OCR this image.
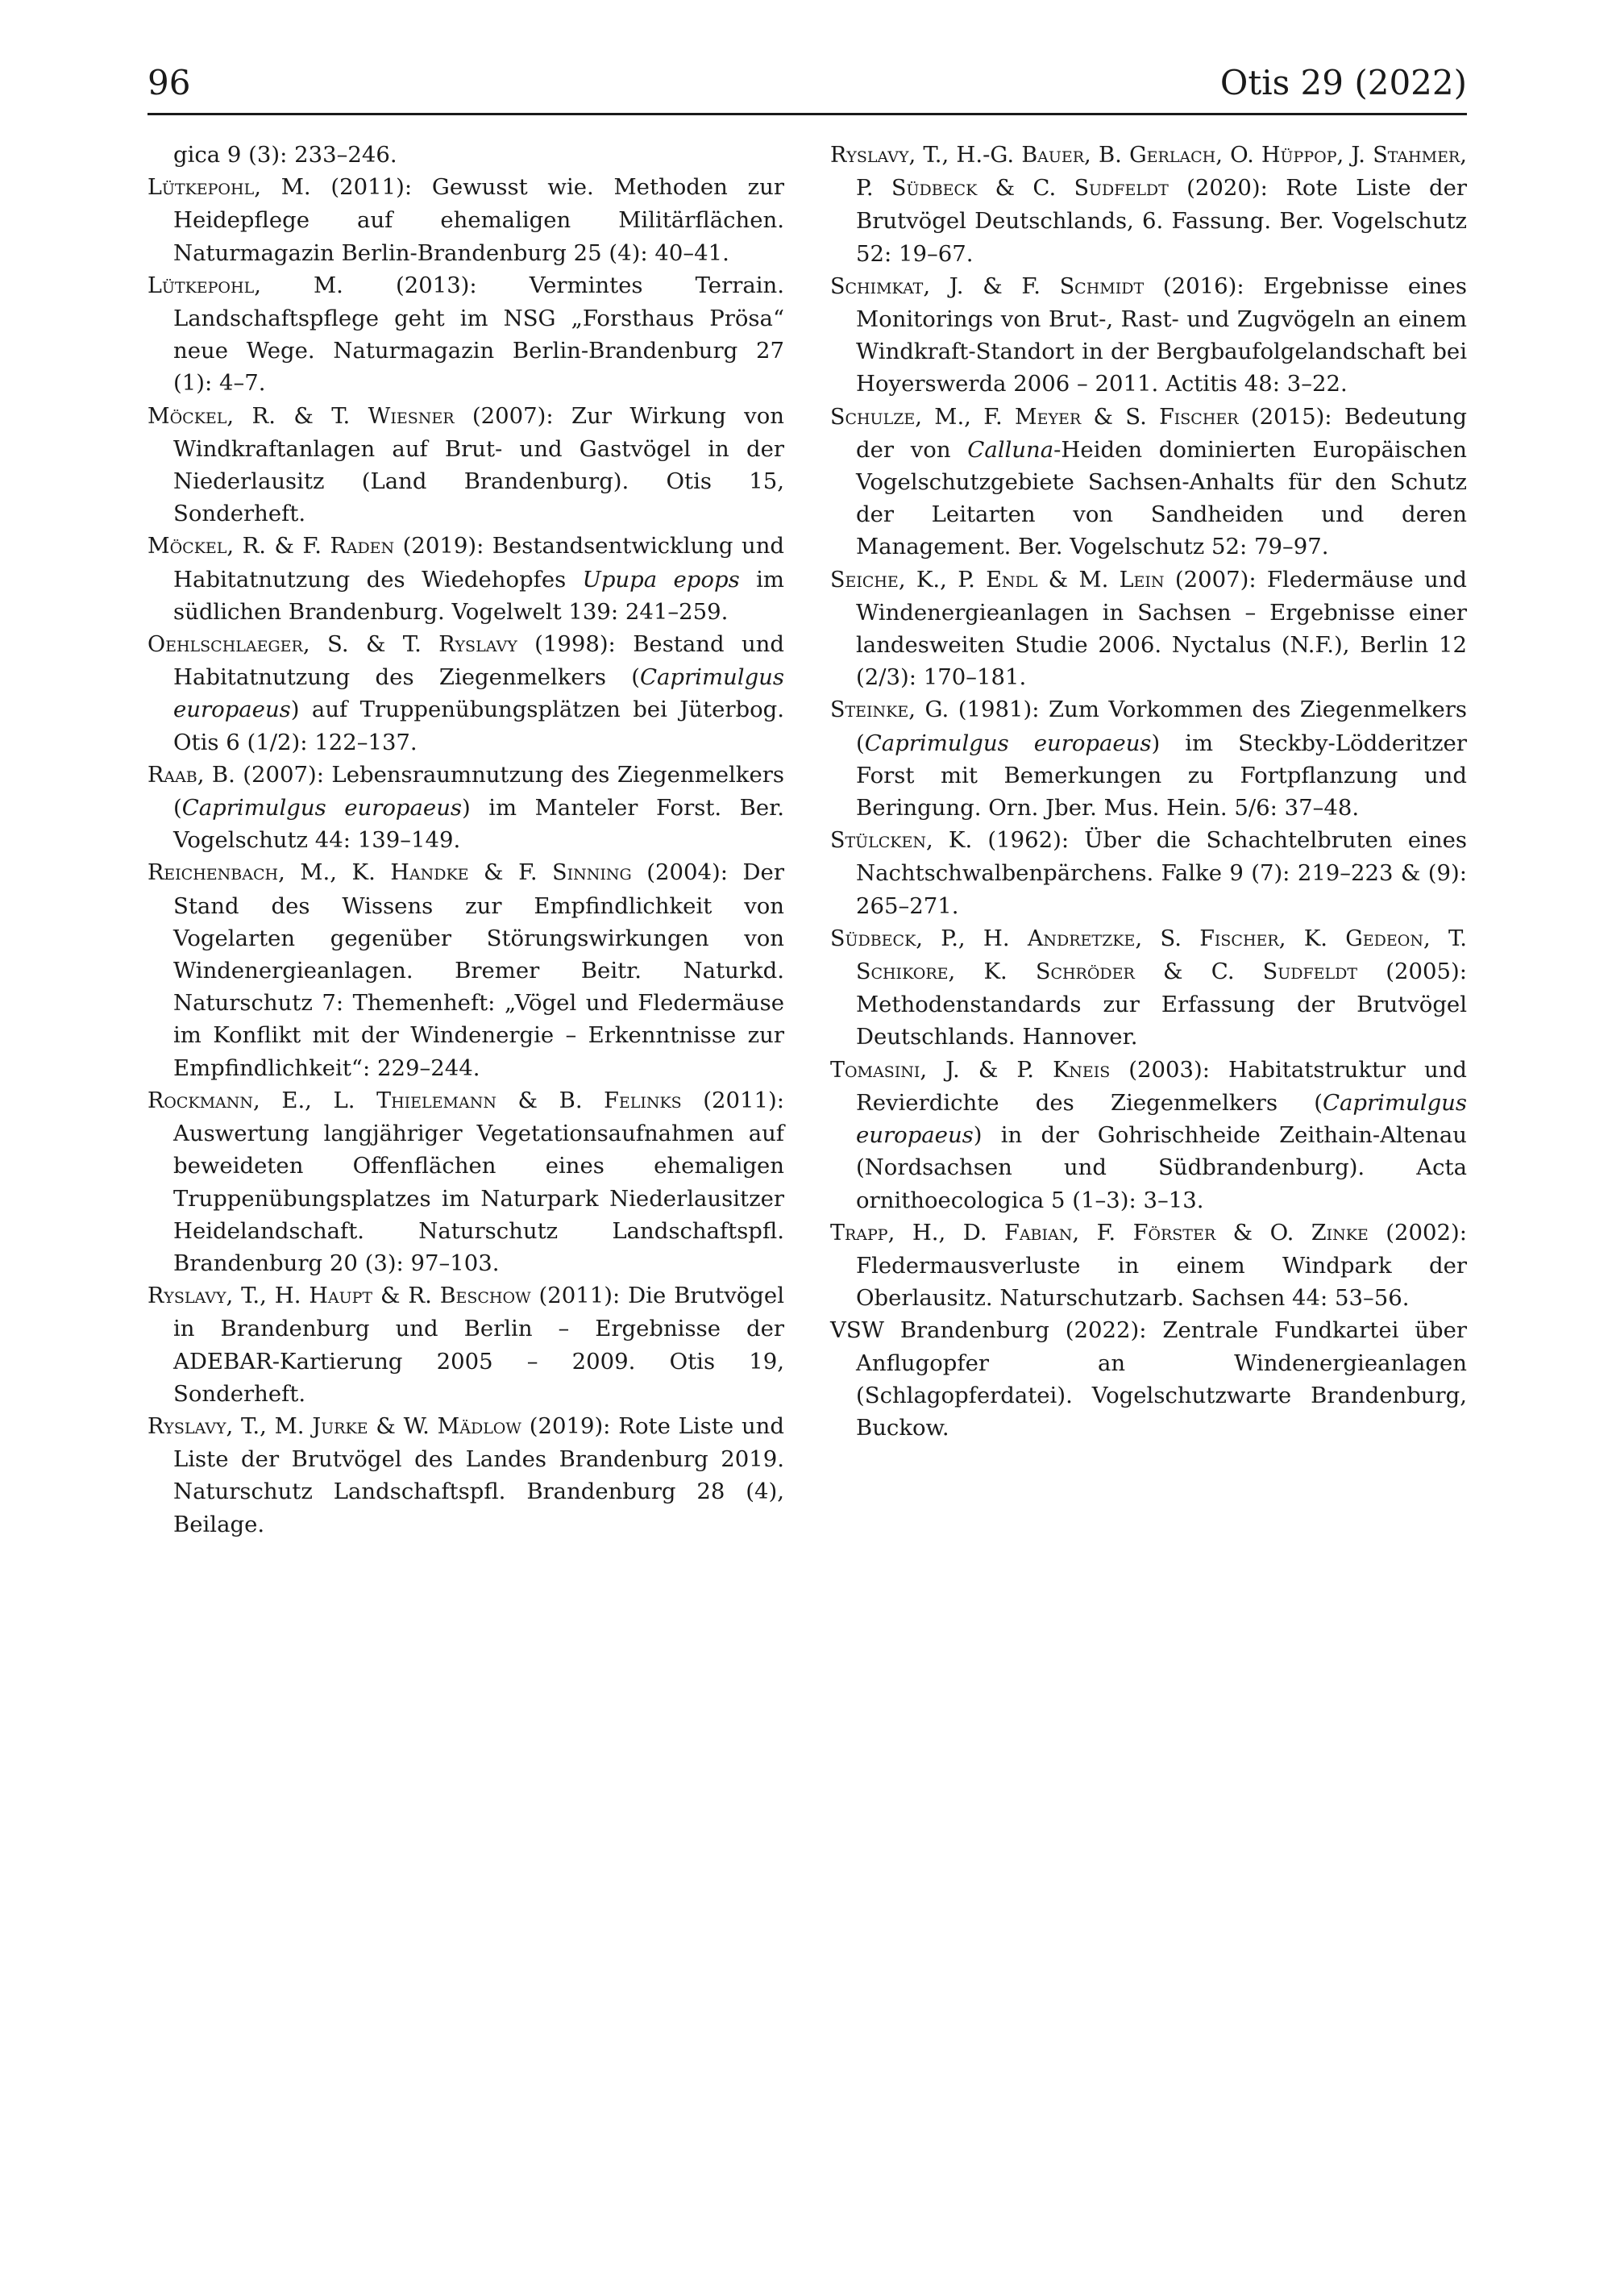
96	Otis 29 (2022)

gica 9 (3): 233–246.

Lütkepohl, M. (2011): Gewusst wie. Methoden zur Heidepflege auf ehemaligen Militärflächen. Naturmagazin Berlin-Brandenburg 25 (4): 40–41.

Lütkepohl, M. (2013): Vermintes Terrain. Landschaftspflege geht im NSG „Forsthaus Prösa“ neue Wege. Naturmagazin Berlin-Brandenburg 27 (1): 4–7.

Möckel, R. & T. Wiesner (2007): Zur Wirkung von Windkraftanlagen auf Brut- und Gastvögel in der Niederlausitz (Land Brandenburg). Otis 15, Sonderheft.

Möckel, R. & F. Raden (2019): Bestandsentwicklung und Habitatnutzung des Wiedehopfes Upupa epops im südlichen Brandenburg. Vogelwelt 139: 241–259.

Oehlschlaeger, S. & T. Ryslavy (1998): Bestand und Habitatnutzung des Ziegenmelkers (Caprimulgus europaeus) auf Truppenübungsplätzen bei Jüterbog. Otis 6 (1/2): 122–137.

Raab, B. (2007): Lebensraumnutzung des Ziegenmelkers (Caprimulgus europaeus) im Manteler Forst. Ber. Vogelschutz 44: 139–149.

Reichenbach, M., K. Handke & F. Sinning (2004): Der Stand des Wissens zur Empfindlichkeit von Vogelarten gegenüber Störungswirkungen von Windenergieanlagen. Bremer Beitr. Naturkd. Naturschutz 7: Themenheft: „Vögel und Fledermäuse im Konflikt mit der Windenergie – Erkenntnisse zur Empfindlichkeit“: 229–244.

Rockmann, E., L. Thielemann & B. Felinks (2011): Auswertung langjähriger Vegetationsaufnahmen auf beweideten Offenflächen eines ehemaligen Truppenübungsplatzes im Naturpark Niederlausitzer Heidelandschaft. Naturschutz Landschaftspfl. Brandenburg 20 (3): 97–103.

Ryslavy, T., H. Haupt & R. Beschow (2011): Die Brutvögel in Brandenburg und Berlin – Ergebnisse der ADEBAR-Kartierung 2005 – 2009. Otis 19, Sonderheft.

Ryslavy, T., M. Jurke & W. Mädlow (2019): Rote Liste und Liste der Brutvögel des Landes Brandenburg 2019. Naturschutz Landschaftspfl. Brandenburg 28 (4), Beilage.

Ryslavy, T., H.-G. Bauer, B. Gerlach, O. Hüppop, J. Stahmer, P. Südbeck & C. Sudfeldt (2020): Rote Liste der Brutvögel Deutschlands, 6. Fassung. Ber. Vogelschutz 52: 19–67.

Schimkat, J. & F. Schmidt (2016): Ergebnisse eines Monitorings von Brut-, Rast- und Zugvögeln an einem Windkraft-Standort in der Bergbaufolgelandschaft bei Hoyerswerda 2006 – 2011. Actitis 48: 3–22.

Schulze, M., F. Meyer & S. Fischer (2015): Bedeutung der von Calluna-Heiden dominierten Europäischen Vogelschutzgebiete Sachsen-Anhalts für den Schutz der Leitarten von Sandheiden und deren Management. Ber. Vogelschutz 52: 79–97.

Seiche, K., P. Endl & M. Lein (2007): Fledermäuse und Windenergieanlagen in Sachsen – Ergebnisse einer landesweiten Studie 2006. Nyctalus (N.F.), Berlin 12 (2/3): 170–181.

Steinke, G. (1981): Zum Vorkommen des Ziegenmelkers (Caprimulgus europaeus) im Steckby-Lödderitzer Forst mit Bemerkungen zu Fortpflanzung und Beringung. Orn. Jber. Mus. Hein. 5/6: 37–48.

Stülcken, K. (1962): Über die Schachtelbruten eines Nachtschwalbenpärchens. Falke 9 (7): 219–223 & (9): 265–271.

Südbeck, P., H. Andretzke, S. Fischer, K. Gedeon, T. Schikore, K. Schröder & C. Sudfeldt (2005): Methodenstandards zur Erfassung der Brutvögel Deutschlands. Hannover.

Tomasini, J. & P. Kneis (2003): Habitatstruktur und Revierdichte des Ziegenmelkers (Caprimulgus europaeus) in der Gohrischheide Zeithain-Altenau (Nordsachsen und Südbrandenburg). Acta ornithoecologica 5 (1–3): 3–13.

Trapp, H., D. Fabian, F. Förster & O. Zinke (2002): Fledermausverluste in einem Windpark der Oberlausitz. Naturschutzarb. Sachsen 44: 53–56.

VSW Brandenburg (2022): Zentrale Fundkartei über Anflugopfer an Windenergieanlagen (Schlagopferdatei). Vogelschutzwarte Brandenburg, Buckow.
